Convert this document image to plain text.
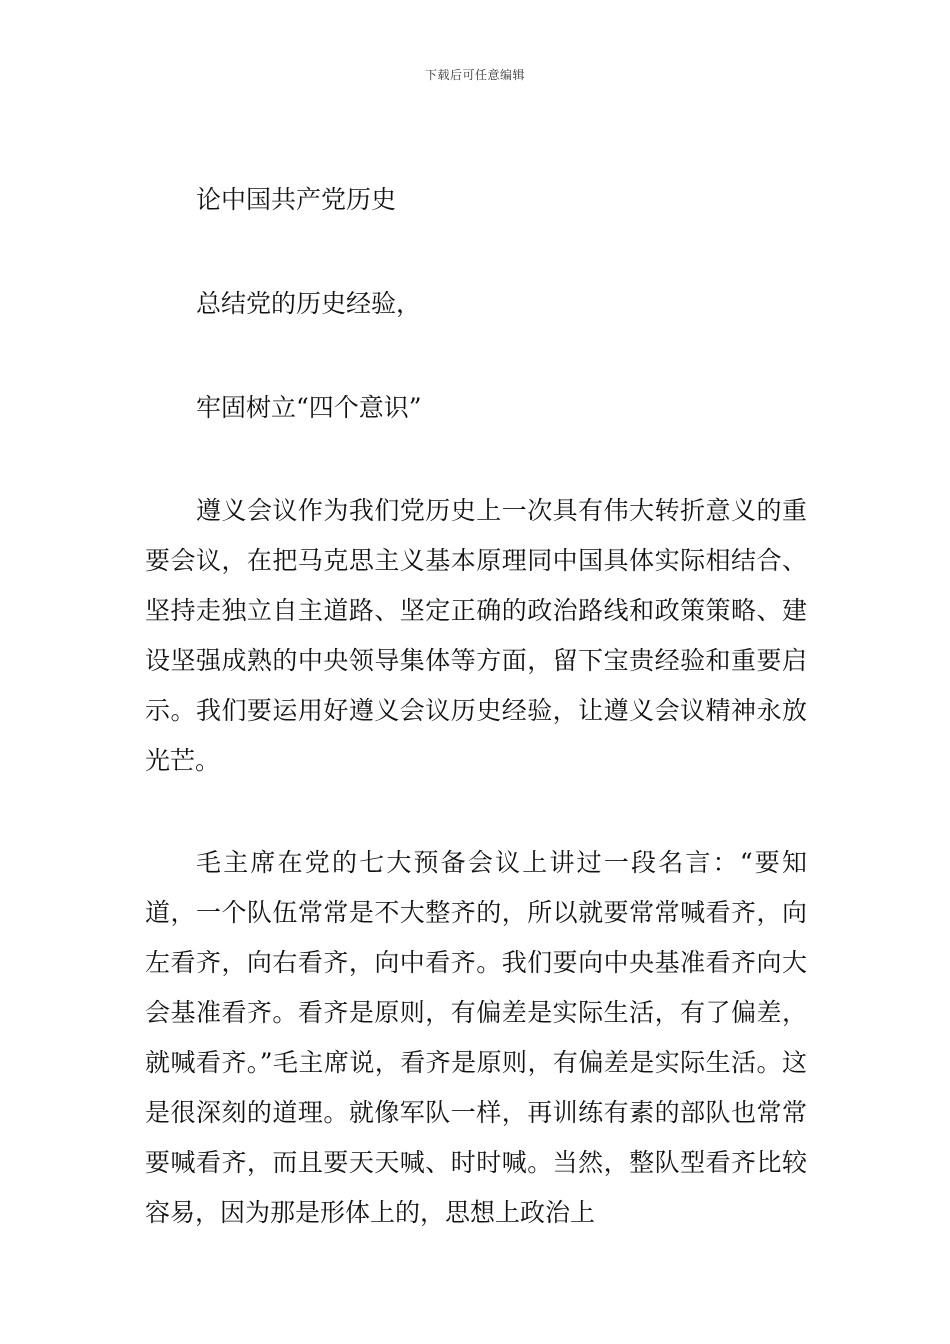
下载后可任意编辑
论中国共产党历史
总结党的历史经验，
牢固树立“四个意识”

遵义会议作为我们党历史上一次具有伟大转折意义的重要会议，在把马克思主义基本原理同中国具体实际相结合、坚持走独立自主道路、坚定正确的政治路线和政策策略、建设坚强成熟的中央领导集体等方面，留下宝贵经验和重要启示。我们要运用好遵义会议历史经验，让遵义会议精神永放光芒。

毛主席在党的七大预备会议上讲过一段名言：“要知道，一个队伍常常是不大整齐的，所以就要常常喊看齐，向左看齐，向右看齐，向中看齐。我们要向中央基准看齐向大会基准看齐。看齐是原则，有偏差是实际生活，有了偏差，就喊看齐。”毛主席说，看齐是原则，有偏差是实际生活。这是很深刻的道理。就像军队一样，再训练有素的部队也常常要喊看齐，而且要天天喊、时时喊。当然，整队型看齐比较容易，因为那是形体上的，思想上政治上
